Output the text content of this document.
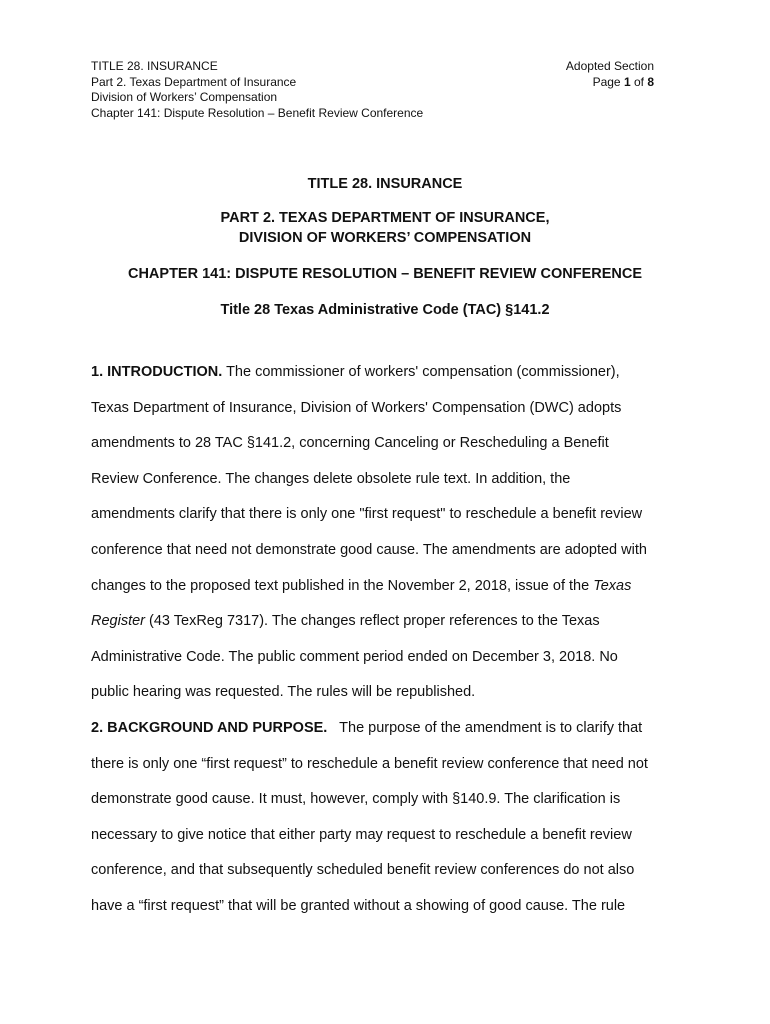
TITLE 28. INSURANCE
Part 2. Texas Department of Insurance
Division of Workers’ Compensation
Chapter 141: Dispute Resolution – Benefit Review Conference
Adopted Section
Page 1 of 8
TITLE 28. INSURANCE
PART 2. TEXAS DEPARTMENT OF INSURANCE,
DIVISION OF WORKERS’ COMPENSATION
CHAPTER 141: DISPUTE RESOLUTION – BENEFIT REVIEW CONFERENCE
Title 28 Texas Administrative Code (TAC) §141.2
1. INTRODUCTION. The commissioner of workers' compensation (commissioner),
Texas Department of Insurance, Division of Workers' Compensation (DWC) adopts
amendments to 28 TAC §141.2, concerning Canceling or Rescheduling a Benefit
Review Conference. The changes delete obsolete rule text. In addition, the
amendments clarify that there is only one "first request" to reschedule a benefit review
conference that need not demonstrate good cause. The amendments are adopted with
changes to the proposed text published in the November 2, 2018, issue of the Texas
Register (43 TexReg 7317). The changes reflect proper references to the Texas
Administrative Code. The public comment period ended on December 3, 2018. No
public hearing was requested. The rules will be republished.
2. BACKGROUND AND PURPOSE.   The purpose of the amendment is to clarify that
there is only one “first request” to reschedule a benefit review conference that need not
demonstrate good cause. It must, however, comply with §140.9. The clarification is
necessary to give notice that either party may request to reschedule a benefit review
conference, and that subsequently scheduled benefit review conferences do not also
have a “first request” that will be granted without a showing of good cause. The rule
